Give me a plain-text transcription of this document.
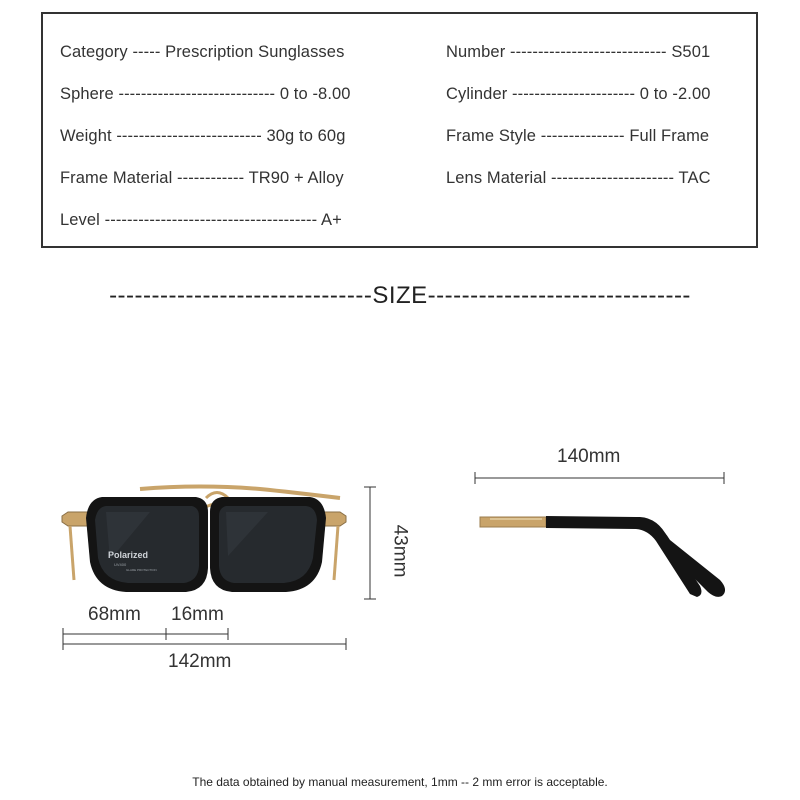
Category ----- Prescription Sunglasses
Sphere ---------------------------- 0 to -8.00
Weight -------------------------- 30g to 60g
Frame Material ------------ TR90 + Alloy
Level -------------------------------------- A+
Number ---------------------------- S501
Cylinder ---------------------- 0 to -2.00
Frame Style --------------- Full Frame
Lens Material ---------------------- TAC
-------------------------------SIZE-------------------------------
Polarized
UV400
GLARE PROTECTION
68mm 16mm
142mm
43mm
140mm
The data obtained by manual measurement, 1mm -- 2 mm error is acceptable.
